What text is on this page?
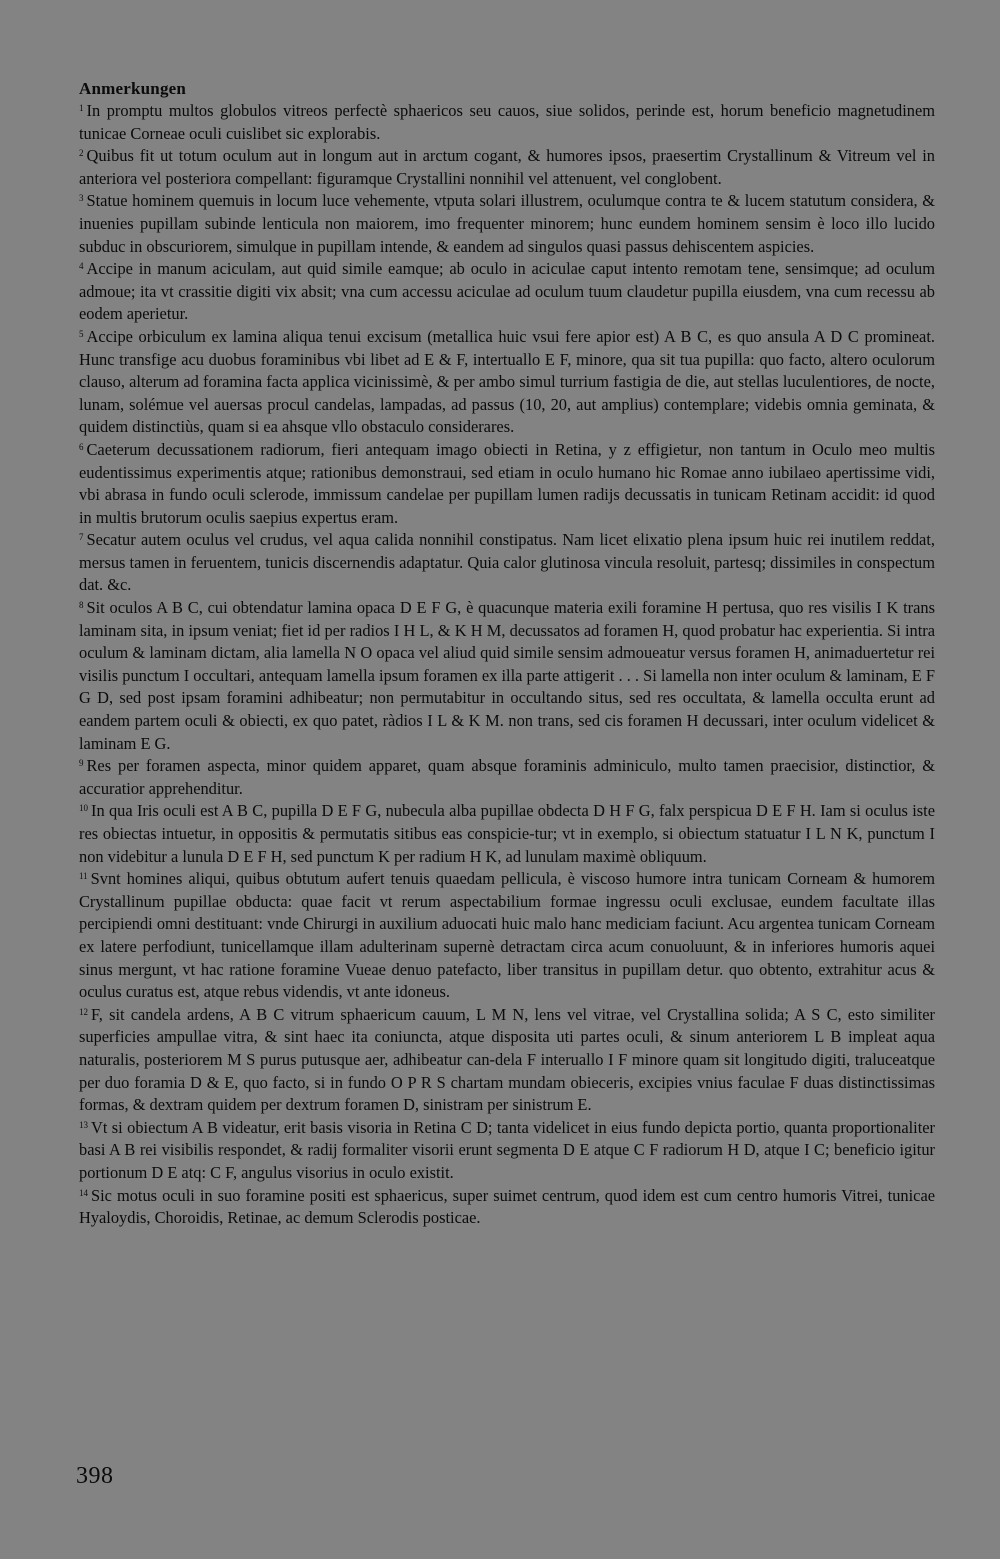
Anmerkungen

$^1$ In promptu multos globulos vitreos perfectè sphaericos seu cauos, siue solidos, perinde est, horum beneficio magnetudinem tunicae Corneae oculi cuislibet sic explorabis.

$^2$ Quibus fit ut totum oculum aut in longum aut in arctum cogant, & humores ipsos, praesertim Crystallinum & Vitreum vel in anteriora vel posteriora compellant: figuramque Crystallini nonnihil vel attenuent, vel conglobent.

$^3$ Statue hominem quemuis in locum luce vehemente, vtputa solari illustrem, oculumque contra te & lucem statutum considera, & inuenies pupillam subinde lenticula non maiorem, imo frequenter minorem; hunc eundem hominem sensim è loco illo lucido subduc in obscuriorem, simulque in pupillam intende, & eandem ad singulos quasi passus dehiscentem aspicies.

$^4$ Accipe in manum aciculam, aut quid simile eamque; ab oculo in aciculae caput intento remotam tene, sensimque; ad oculum admoue; ita vt crassitie digiti vix absit; vna cum accessu aciculae ad oculum tuum claudetur pupilla eiusdem, vna cum recessu ab eodem aperietur.

$^5$ Accipe orbiculum ex lamina aliqua tenui excisum (metallica huic vsui fere apior est) A B C, es quo ansula A D C promineat. Hunc transfige acu duobus foraminibus vbi libet ad E & F, intertuallo E F, minore, qua sit tua pupilla: quo facto, altero oculorum clauso, alterum ad foramina facta applica vicinissimè, & per ambo simul turrium fastigia de die, aut stellas luculentiores, de nocte, lunam, solémue vel auersas procul candelas, lampadas, ad passus (10, 20, aut amplius) contemplare; videbis omnia geminata, & quidem distinctiùs, quam si ea ahsque vllo obstaculo considerares.

$^6$ Caeterum decussationem radiorum, fieri antequam imago obiecti in Retina, y z effigietur, non tantum in Oculo meo multis eudentissimus experimentis atque; rationibus demonstraui, sed etiam in oculo humano hic Romae anno iubilaeo apertissime vidi, vbi abrasa in fundo oculi sclerode, immissum candelae per pupillam lumen radijs decussatis in tunicam Retinam accidit: id quod in multis brutorum oculis saepius expertus eram.

$^7$ Secatur autem oculus vel crudus, vel aqua calida nonnihil constipatus. Nam licet elixatio plena ipsum huic rei inutilem reddat, mersus tamen in feruentem, tunicis discernendis adaptatur. Quia calor glutinosa vincula resoluit, partesq; dissimiles in conspectum dat. &c.

$^8$ Sit oculos A B C, cui obtendatur lamina opaca D E F G, è quacunque materia exili foramine H pertusa, quo res visilis I K trans laminam sita, in ipsum veniat; fiet id per radios I H L, & K H M, decussatos ad foramen H, quod probatur hac experientia. Si intra oculum & laminam dictam, alia lamella N O opaca vel aliud quid simile sensim admoueatur versus foramen H, animaduertetur rei visilis punctum I occultari, antequam lamella ipsum foramen ex illa parte attigerit . . . Si lamella non inter oculum & laminam, E F G D, sed post ipsam foramini adhibeatur; non permutabitur in occultando situs, sed res occultata, & lamella occulta erunt ad eandem partem oculi & obiecti, ex quo patet, ràdios I L & K M. non trans, sed cis foramen H decussari, inter oculum videlicet & laminam E G.

$^9$ Res per foramen aspecta, minor quidem apparet, quam absque foraminis adminiculo, multo tamen praecisior, distinctior, & accuratior apprehenditur.

$^{10}$ In qua Iris oculi est A B C, pupilla D E F G, nubecula alba pupillae obdecta D H F G, falx perspicua D E F H. Iam si oculus iste res obiectas intuetur, in oppositis & permutatis sitibus eas conspicie-tur; vt in exemplo, si obiectum statuatur I L N K, punctum I non videbitur a lunula D E F H, sed punctum K per radium H K, ad lunulam maximè obliquum.

$^{11}$ Svnt homines aliqui, quibus obtutum aufert tenuis quaedam pellicula, è viscoso humore intra tunicam Corneam & humorem Crystallinum pupillae obducta: quae facit vt rerum aspectabilium formae ingressu oculi exclusae, eundem facultate illas percipiendi omni destituant: vnde Chirurgi in auxilium aduocati huic malo hanc mediciam faciunt. Acu argentea tunicam Corneam ex latere perfodiunt, tunicellamque illam adulterinam supernè detractam circa acum conuoluunt, & in inferiores humoris aquei sinus mergunt, vt hac ratione foramine Vueae denuo patefacto, liber transitus in pupillam detur. quo obtento, extrahitur acus & oculus curatus est, atque rebus videndis, vt ante idoneus.

$^{12}$ F, sit candela ardens, A B C vitrum sphaericum cauum, L M N, lens vel vitrae, vel Crystallina solida; A S C, esto similiter superficies ampullae vitra, & sint haec ita coniuncta, atque disposita uti partes oculi, & sinum anteriorem L B impleat aqua naturalis, posteriorem M S purus putusque aer, adhibeatur can-dela F interuallo I F minore quam sit longitudo digiti, traluceatque per duo foramia D & E, quo facto, si in fundo O P R S chartam mundam obieceris, excipies vnius faculae F duas distinctissimas formas, & dextram quidem per dextrum foramen D, sinistram per sinistrum E.

$^{13}$ Vt si obiectum A B videatur, erit basis visoria in Retina C D; tanta videlicet in eius fundo depicta portio, quanta proportionaliter basi A B rei visibilis respondet, & radij formaliter visorii erunt segmenta D E atque C F radiorum H D, atque I C; beneficio igitur portionum D E atq: C F, angulus visorius in oculo existit.

$^{14}$ Sic motus oculi in suo foramine positi est sphaericus, super suimet centrum, quod idem est cum centro humoris Vitrei, tunicae Hyaloydis, Choroidis, Retinae, ac demum Sclerodis posticae.

398
